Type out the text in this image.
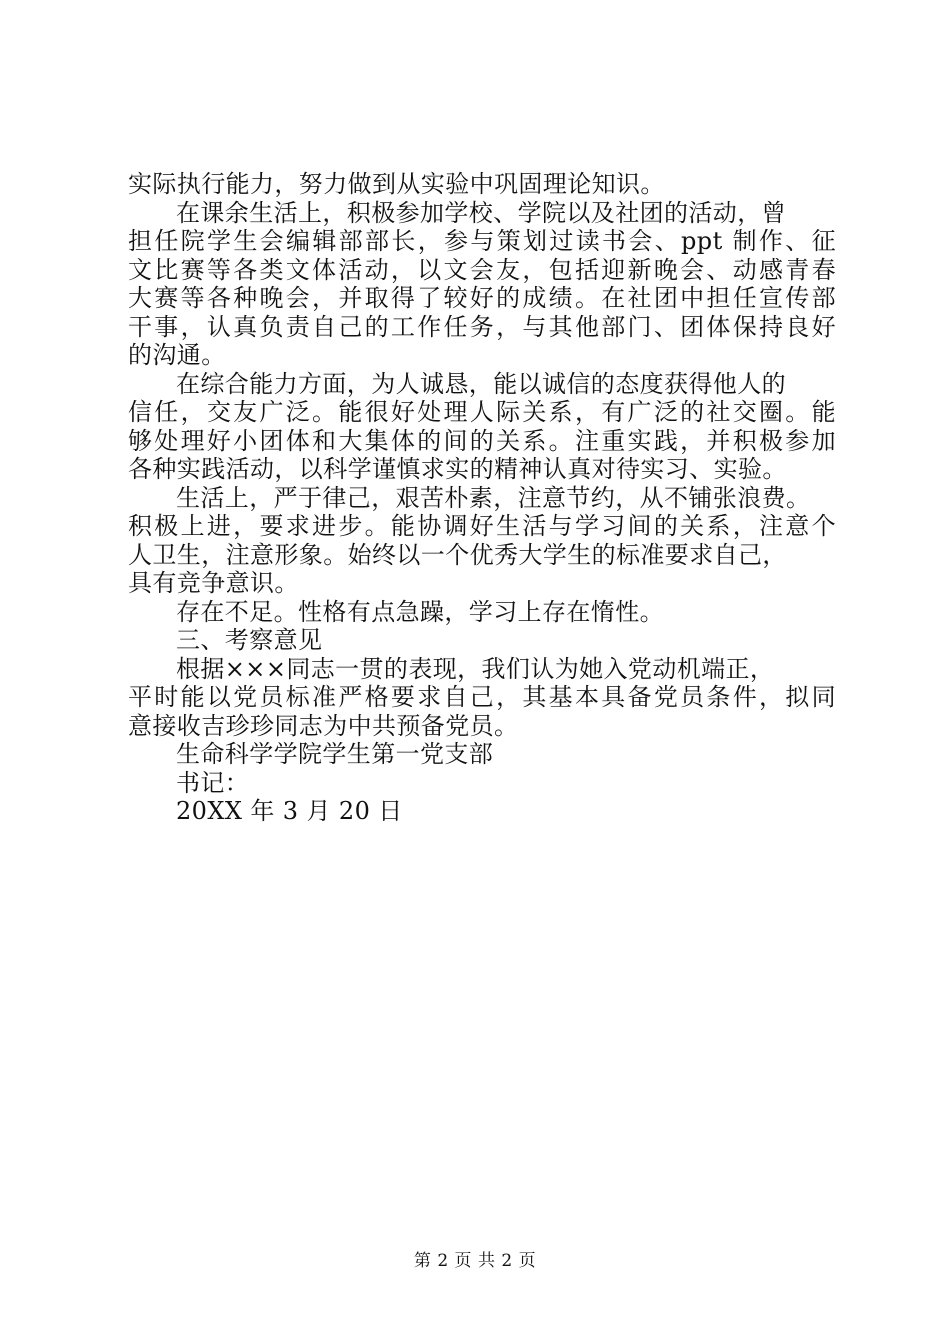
实际执行能力，努力做到从实验中巩固理论知识。
在课余生活上，积极参加学校、学院以及社团的活动，曾
担任院学生会编辑部部长，参与策划过读书会、ppt 制作、征
文比赛等各类文体活动，以文会友，包括迎新晚会、动感青春
大赛等各种晚会，并取得了较好的成绩。在社团中担任宣传部
干事，认真负责自己的工作任务，与其他部门、团体保持良好
的沟通。
在综合能力方面，为人诚恳，能以诚信的态度获得他人的
信任，交友广泛。能很好处理人际关系，有广泛的社交圈。能
够处理好小团体和大集体的间的关系。注重实践，并积极参加
各种实践活动，以科学谨慎求实的精神认真对待实习、实验。
生活上，严于律己，艰苦朴素，注意节约，从不铺张浪费。
积极上进，要求进步。能协调好生活与学习间的关系，注意个
人卫生，注意形象。始终以一个优秀大学生的标准要求自己，
具有竞争意识。
存在不足。性格有点急躁，学习上存在惰性。
三、考察意见
根据×××同志一贯的表现，我们认为她入党动机端正，
平时能以党员标准严格要求自己，其基本具备党员条件，拟同
意接收吉珍珍同志为中共预备党员。
生命科学学院学生第一党支部
书记：
20XX 年 3 月 20 日
第 2 页 共 2 页
